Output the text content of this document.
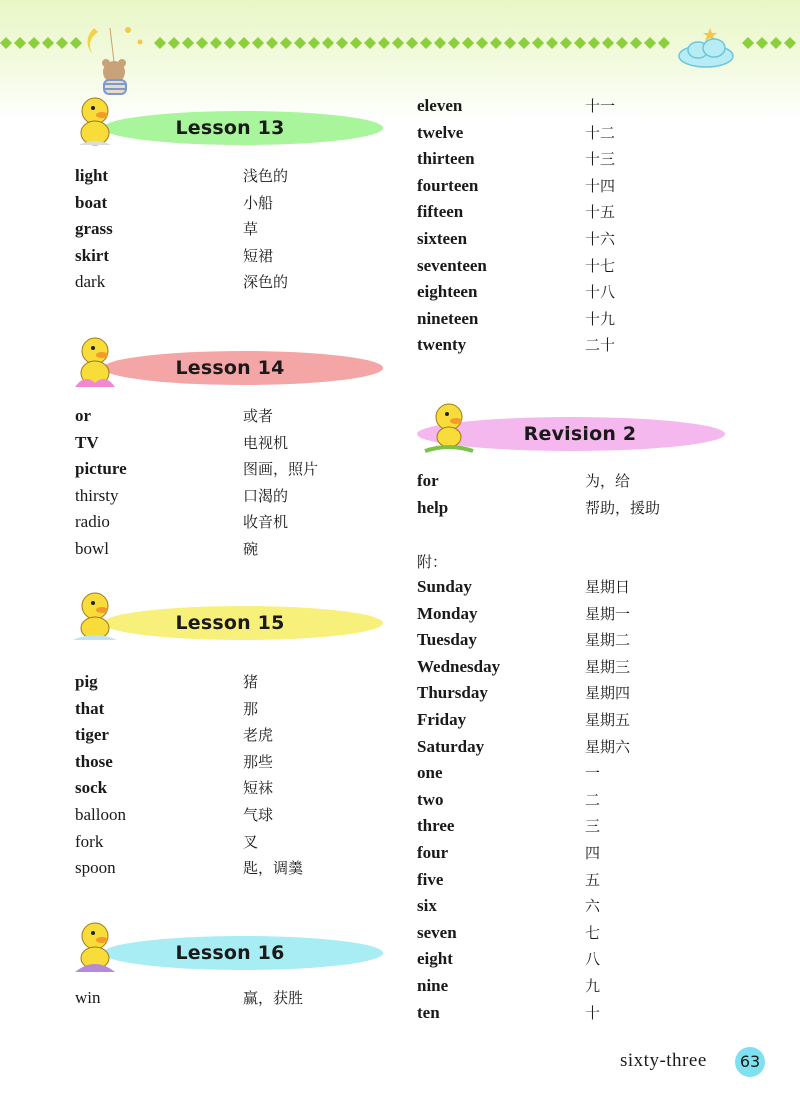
Lesson 13
light	浅色的
boat	小船
grass	草
skirt	短裙
dark	深色的
Lesson 14
or	或者
TV	电视机
picture	图画，照片
thirsty	口渴的
radio	收音机
bowl	碗
Lesson 15
pig	猪
that	那
tiger	老虎
those	那些
sock	短袜
balloon	气球
fork	叉
spoon	匙，调羹
Lesson 16
win	赢，获胜
eleven	十一
twelve	十二
thirteen	十三
fourteen	十四
fifteen	十五
sixteen	十六
seventeen	十七
eighteen	十八
nineteen	十九
twenty	二十
Revision 2
for	为，给
help	帮助，援助
附：
Sunday	星期日
Monday	星期一
Tuesday	星期二
Wednesday	星期三
Thursday	星期四
Friday	星期五
Saturday	星期六
one	一
two	二
three	三
four	四
five	五
six	六
seven	七
eight	八
nine	九
ten	十
sixty-three	63
